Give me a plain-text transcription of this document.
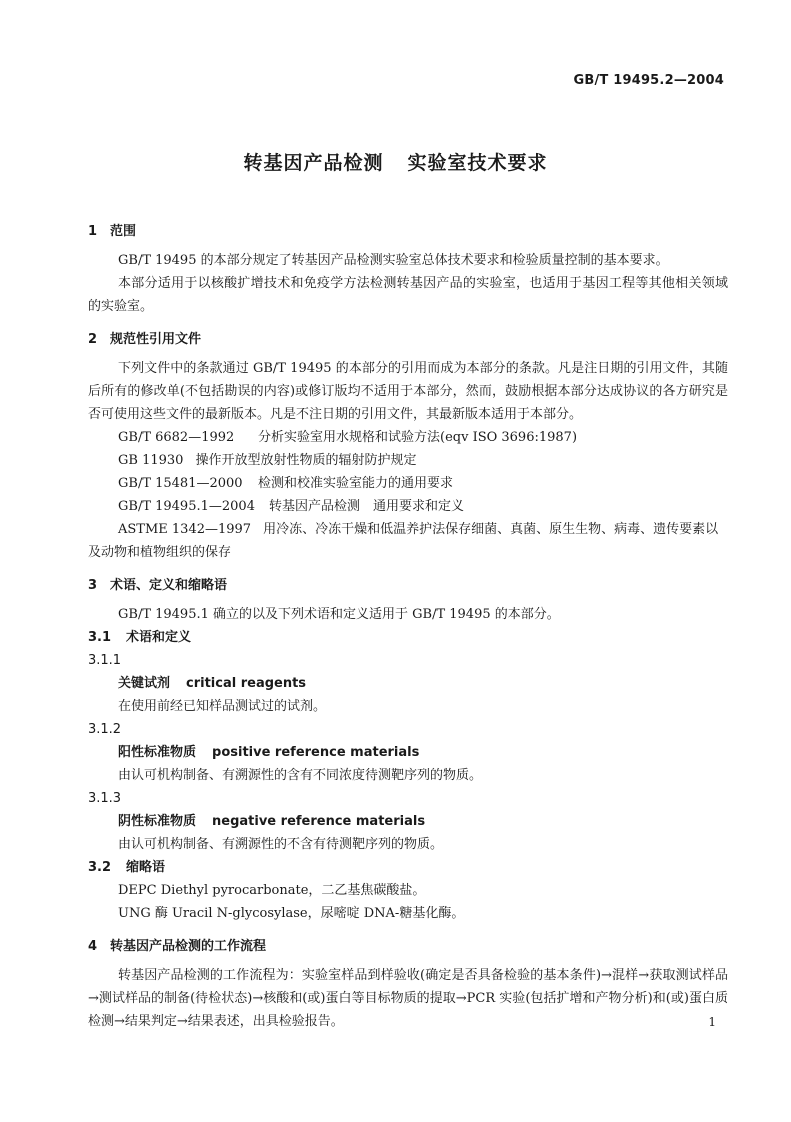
GB/T 19495.2—2004
转基因产品检测 实验室技术要求

1 范围

GB/T 19495 的本部分规定了转基因产品检测实验室总体技术要求和检验质量控制的基本要求。

本部分适用于以核酸扩增技术和免疫学方法检测转基因产品的实验室，也适用于基因工程等其他相关领域的实验室。

2 规范性引用文件

下列文件中的条款通过 GB/T 19495 的本部分的引用而成为本部分的条款。凡是注日期的引用文件，其随后所有的修改单(不包括勘误的内容)或修订版均不适用于本部分，然而，鼓励根据本部分达成协议的各方研究是否可使用这些文件的最新版本。凡是不注日期的引用文件，其最新版本适用于本部分。

GB/T 6682—1992 分析实验室用水规格和试验方法(eqv ISO 3696:1987)

GB 11930 操作开放型放射性物质的辐射防护规定

GB/T 15481—2000 检测和校准实验室能力的通用要求

GB/T 19495.1—2004 转基因产品检测　通用要求和定义

ASTME 1342—1997 用冷冻、冷冻干燥和低温养护法保存细菌、真菌、原生生物、病毒、遗传要素以及动物和植物组织的保存

3 术语、定义和缩略语

GB/T 19495.1 确立的以及下列术语和定义适用于 GB/T 19495 的本部分。

3.1 术语和定义

3.1.1

关键试剂 critical reagents

在使用前经已知样品测试过的试剂。

3.1.2

阳性标准物质 positive reference materials

由认可机构制备、有溯源性的含有不同浓度待测靶序列的物质。

3.1.3

阴性标准物质 negative reference materials

由认可机构制备、有溯源性的不含有待测靶序列的物质。

3.2 缩略语

DEPC Diethyl pyrocarbonate，二乙基焦碳酸盐。

UNG 酶 Uracil N-glycosylase，尿嘧啶 DNA-糖基化酶。

4 转基因产品检测的工作流程

转基因产品检测的工作流程为：实验室样品到样验收(确定是否具备检验的基本条件)→混样→获取测试样品→测试样品的制备(待检状态)→核酸和(或)蛋白等目标物质的提取→PCR 实验(包括扩增和产物分析)和(或)蛋白质检测→结果判定→结果表述，出具检验报告。	1
